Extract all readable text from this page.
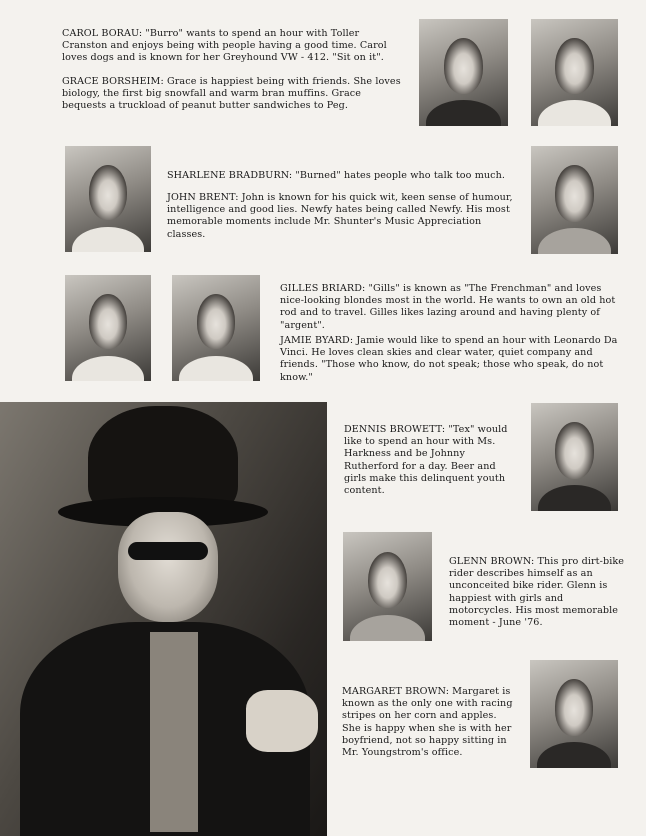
CAROL BORAU: "Burro" wants to spend an hour with Toller Cranston and enjoys being with people having a good time. Carol loves dogs and is known for her Greyhound VW - 412. "Sit on it".

GRACE BORSHEIM: Grace is happiest being with friends. She loves biology, the first big snowfall and warm bran muffins. Grace bequests a truckload of peanut butter sandwiches to Peg.

SHARLENE BRADBURN: "Burned" hates people who talk too much.

JOHN BRENT: John is known for his quick wit, keen sense of humour, intelligence and good lies. Newfy hates being called Newfy. His most memorable moments include Mr. Shunter's Music Appreciation classes.

GILLES BRIARD: "Gills" is known as "The Frenchman" and loves nice-looking blondes most in the world. He wants to own an old hot rod and to travel. Gilles likes lazing around and having plenty of "argent".

JAMIE BYARD: Jamie would like to spend an hour with Leonardo Da Vinci. He loves clean skies and clear water, quiet company and friends. "Those who know, do not speak; those who speak, do not know."

DENNIS BROWETT: "Tex" would like to spend an hour with Ms. Harkness and be Johnny Rutherford for a day. Beer and girls make this delinquent youth content.

GLENN BROWN: This pro dirt-bike rider describes himself as an unconceited bike rider. Glenn is happiest with girls and motorcycles. His most memorable moment - June '76.

MARGARET BROWN: Margaret is known as the only one with racing stripes on her corn and apples. She is happy when she is with her boyfriend, not so happy sitting in Mr. Youngstrom's office.
